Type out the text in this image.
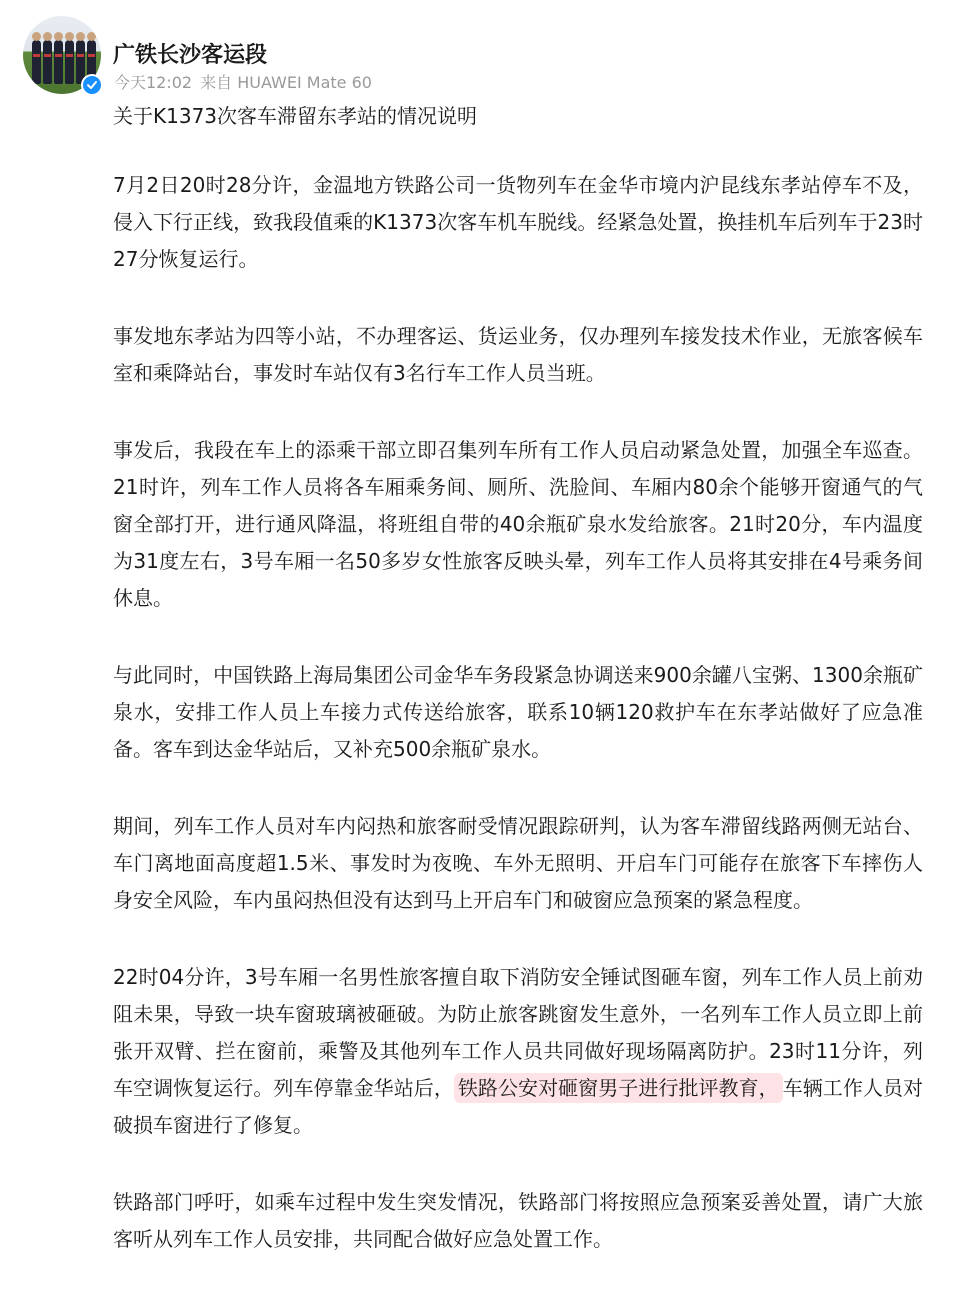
广铁长沙客运段
今天12:02 来自 HUAWEI Mate 60
关于K1373次客车滞留东孝站的情况说明

7月2日20时28分许，金温地方铁路公司一货物列车在金华市境内沪昆线东孝站停车不及，侵入下行正线，致我段值乘的K1373次客车机车脱线。经紧急处置，换挂机车后列车于23时27分恢复运行。

事发地东孝站为四等小站，不办理客运、货运业务，仅办理列车接发技术作业，无旅客候车室和乘降站台，事发时车站仅有3名行车工作人员当班。

事发后，我段在车上的添乘干部立即召集列车所有工作人员启动紧急处置，加强全车巡查。21时许，列车工作人员将各车厢乘务间、厕所、洗脸间、车厢内80余个能够开窗通气的气窗全部打开，进行通风降温，将班组自带的40余瓶矿泉水发给旅客。21时20分，车内温度为31度左右，3号车厢一名50多岁女性旅客反映头晕，列车工作人员将其安排在4号乘务间休息。

与此同时，中国铁路上海局集团公司金华车务段紧急协调送来900余罐八宝粥、1300余瓶矿泉水，安排工作人员上车接力式传送给旅客，联系10辆120救护车在东孝站做好了应急准备。客车到达金华站后，又补充500余瓶矿泉水。

期间，列车工作人员对车内闷热和旅客耐受情况跟踪研判，认为客车滞留线路两侧无站台、车门离地面高度超1.5米、事发时为夜晚、车外无照明、开启车门可能存在旅客下车摔伤人身安全风险，车内虽闷热但没有达到马上开启车门和破窗应急预案的紧急程度。

22时04分许，3号车厢一名男性旅客擅自取下消防安全锤试图砸车窗，列车工作人员上前劝阻未果，导致一块车窗玻璃被砸破。为防止旅客跳窗发生意外，一名列车工作人员立即上前张开双臂、拦在窗前，乘警及其他列车工作人员共同做好现场隔离防护。23时11分许，列车空调恢复运行。列车停靠金华站后， 铁路公安对砸窗男子进行批评教育， 车辆工作人员对破损车窗进行了修复。

铁路部门呼吁，如乘车过程中发生突发情况，铁路部门将按照应急预案妥善处置，请广大旅客听从列车工作人员安排，共同配合做好应急处置工作。
